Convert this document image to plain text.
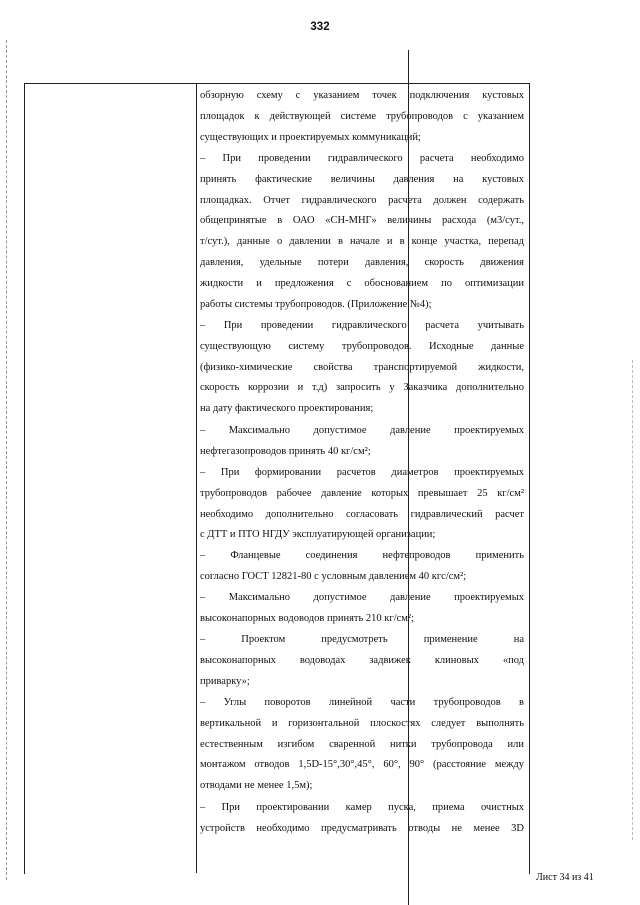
332
обзорную схему с указанием точек подключения кустовых
площадок к действующей системе трубопроводов с указанием
существующих и проектируемых коммуникаций;
– При проведении гидравлического расчета необходимо
принять фактические величины давления на кустовых
площадках. Отчет гидравлического расчета должен содержать
общепринятые в ОАО «СН-МНГ» величины расхода (м3/сут.,
т/сут.), данные о давлении в начале и в конце участка, перепад
давления, удельные потери давления, скорость движения
жидкости и предложения с обоснованием по оптимизации
работы системы трубопроводов. (Приложение №4);
– При проведении гидравлического расчета учитывать
существующую систему трубопроводов. Исходные данные
(физико-химические свойства транспортируемой жидкости,
скорость коррозии и т.д) запросить у Заказчика дополнительно
на дату фактического проектирования;
– Максимально допустимое давление проектируемых
нефтегазопроводов принять 40 кг/см²;
– При формировании расчетов диаметров проектируемых
трубопроводов рабочее давление которых превышает 25 кг/см²
необходимо дополнительно согласовать гидравлический расчет
с ДТТ и ПТО НГДУ эксплуатирующей организации;
– Фланцевые соединения нефтепроводов применить
согласно ГОСТ 12821-80 с условным давлением 40 кгс/см²;
– Максимально допустимое давление проектируемых
высоконапорных водоводов принять 210 кг/см²;
– Проектом предусмотреть применение на
высоконапорных водоводах задвижек клиновых «под
приварку»;
– Углы поворотов линейной части трубопроводов в
вертикальной и горизонтальной плоскостях следует выполнять
естественным изгибом сваренной нитки трубопровода или
монтажом отводов 1,5D-15°,30°,45°, 60°, 90° (расстояние между
отводами не менее 1,5м);
– При проектировании камер пуска, приема очистных
устройств необходимо предусматривать отводы не менее 3D
Лист 34 из 41
